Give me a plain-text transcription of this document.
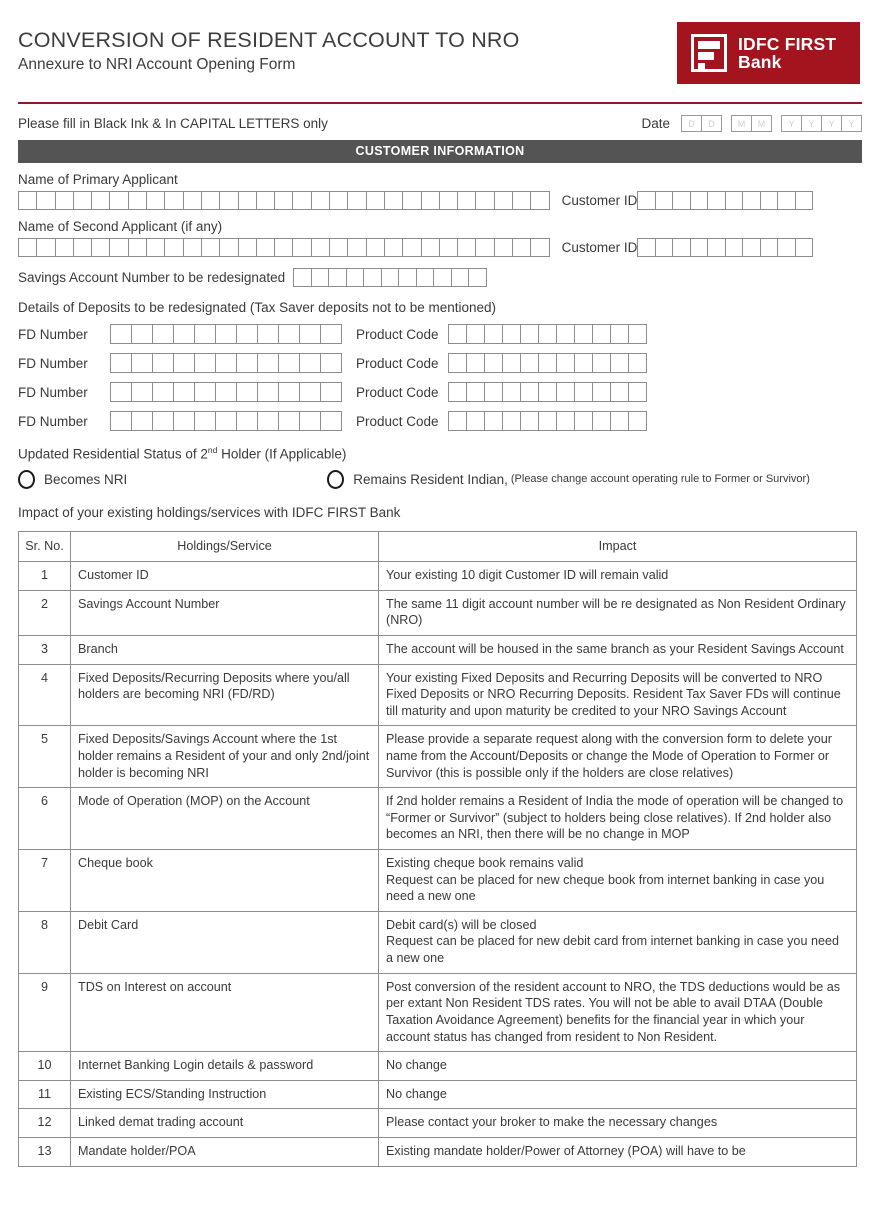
CONVERSION OF RESIDENT ACCOUNT TO NRO
Annexure to NRI Account Opening Form
IDFC FIRST
Bank
Please fill in Black Ink & In CAPITAL LETTERS only	Date	D	D	M	M	Y	Y	Y	Y
CUSTOMER INFORMATION
Name of Primary Applicant
Customer ID
Name of Second Applicant (if any)
Customer ID
Savings Account Number to be redesignated
Details of Deposits to be redesignated (Tax Saver deposits not to be mentioned)
FD Number	Product Code
FD Number	Product Code
FD Number	Product Code
FD Number	Product Code
Updated Residential Status of 2nd Holder (If Applicable)
Becomes NRI	Remains Resident Indian, (Please change account operating rule to Former or Survivor)
Impact of your existing holdings/services with IDFC FIRST Bank
Sr. No.	Holdings/Service	Impact
1	Customer ID	Your existing 10 digit Customer ID will remain valid
2	Savings Account Number	The same 11 digit account number will be re designated as Non Resident Ordinary (NRO)
3	Branch	The account will be housed in the same branch as your Resident Savings Account
4	Fixed Deposits/Recurring Deposits where you/all holders are becoming NRI (FD/RD)	Your existing Fixed Deposits and Recurring Deposits will be converted to NRO Fixed Deposits or NRO Recurring Deposits. Resident Tax Saver FDs will continue till maturity and upon maturity be credited to your NRO Savings Account
5	Fixed Deposits/Savings Account where the 1st holder remains a Resident of your and only 2nd/joint holder is becoming NRI	Please provide a separate request along with the conversion form to delete your name from the Account/Deposits or change the Mode of Operation to Former or Survivor (this is possible only if the holders are close relatives)
6	Mode of Operation (MOP) on the Account	If 2nd holder remains a Resident of India the mode of operation will be changed to “Former or Survivor” (subject to holders being close relatives). If 2nd holder also becomes an NRI, then there will be no change in MOP
7	Cheque book	Existing cheque book remains valid
Request can be placed for new cheque book from internet banking in case you need a new one
8	Debit Card	Debit card(s) will be closed
Request can be placed for new debit card from internet banking in case you need a new one
9	TDS on Interest on account	Post conversion of the resident account to NRO, the TDS deductions would be as per extant Non Resident TDS rates. You will not be able to avail DTAA (Double Taxation Avoidance Agreement) benefits for the financial year in which your account status has changed from resident to Non Resident.
10	Internet Banking Login details & password	No change
11	Existing ECS/Standing Instruction	No change
12	Linked demat trading account	Please contact your broker to make the necessary changes
13	Mandate holder/POA	Existing mandate holder/Power of Attorney (POA) will have to be
